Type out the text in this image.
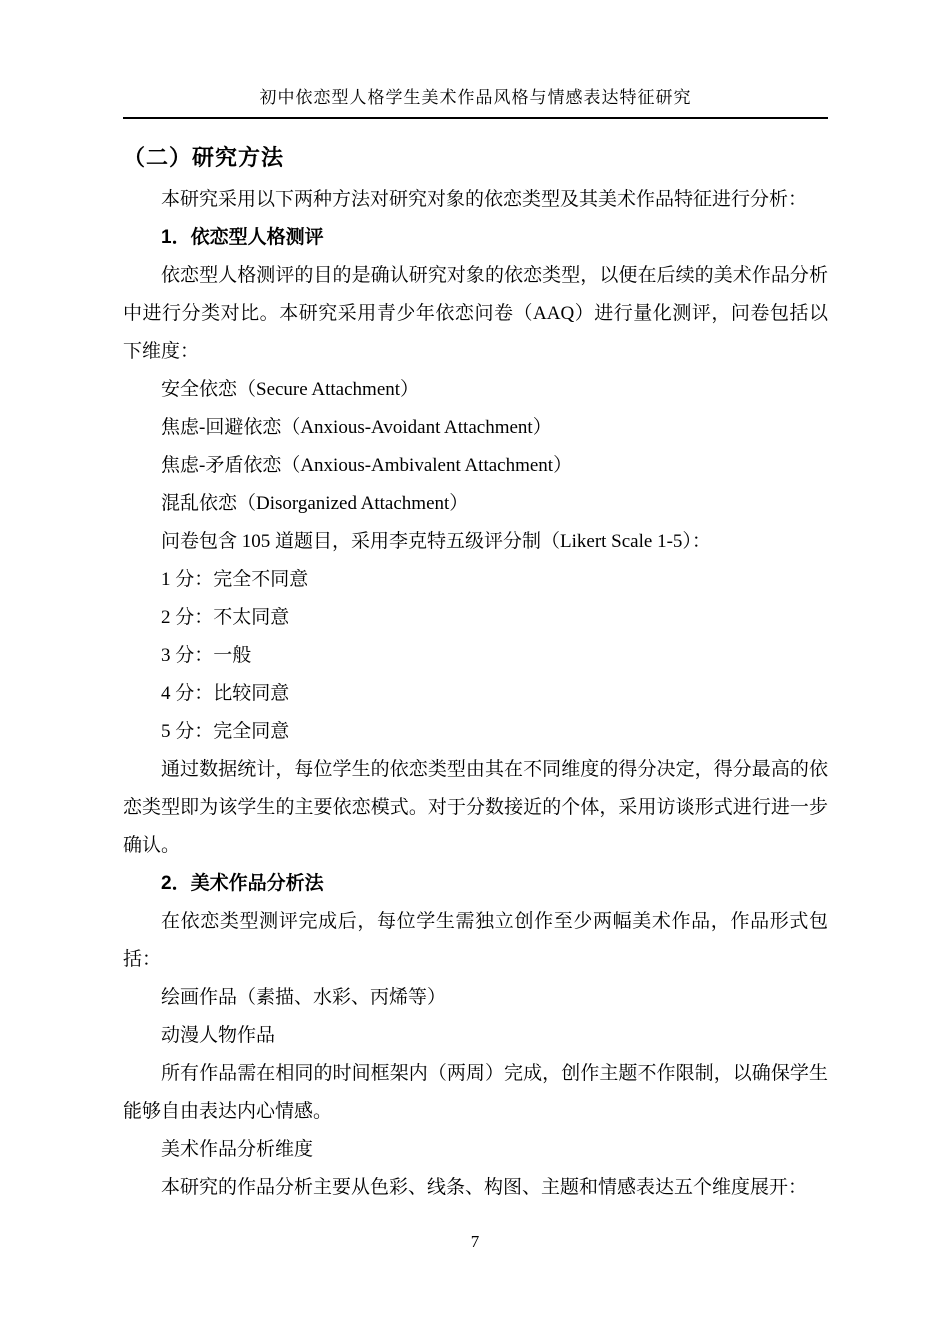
初中依恋型人格学生美术作品风格与情感表达特征研究
（二）研究方法

本研究采用以下两种方法对研究对象的依恋类型及其美术作品特征进行分析：

1．依恋型人格测评

依恋型人格测评的目的是确认研究对象的依恋类型，以便在后续的美术作品分析中进行分类对比。本研究采用青少年依恋问卷（AAQ）进行量化测评，问卷包括以下维度：

安全依恋（Secure Attachment）

焦虑-回避依恋（Anxious-Avoidant Attachment）

焦虑-矛盾依恋（Anxious-Ambivalent Attachment）

混乱依恋（Disorganized Attachment）

问卷包含 105 道题目，采用李克特五级评分制（Likert Scale 1-5）：

1 分：完全不同意

2 分：不太同意

3 分：一般

4 分：比较同意

5 分：完全同意

通过数据统计，每位学生的依恋类型由其在不同维度的得分决定，得分最高的依恋类型即为该学生的主要依恋模式。对于分数接近的个体，采用访谈形式进行进一步确认。

2．美术作品分析法

在依恋类型测评完成后，每位学生需独立创作至少两幅美术作品，作品形式包括：

绘画作品（素描、水彩、丙烯等）

动漫人物作品

所有作品需在相同的时间框架内（两周）完成，创作主题不作限制，以确保学生能够自由表达内心情感。

美术作品分析维度

本研究的作品分析主要从色彩、线条、构图、主题和情感表达五个维度展开：

7
